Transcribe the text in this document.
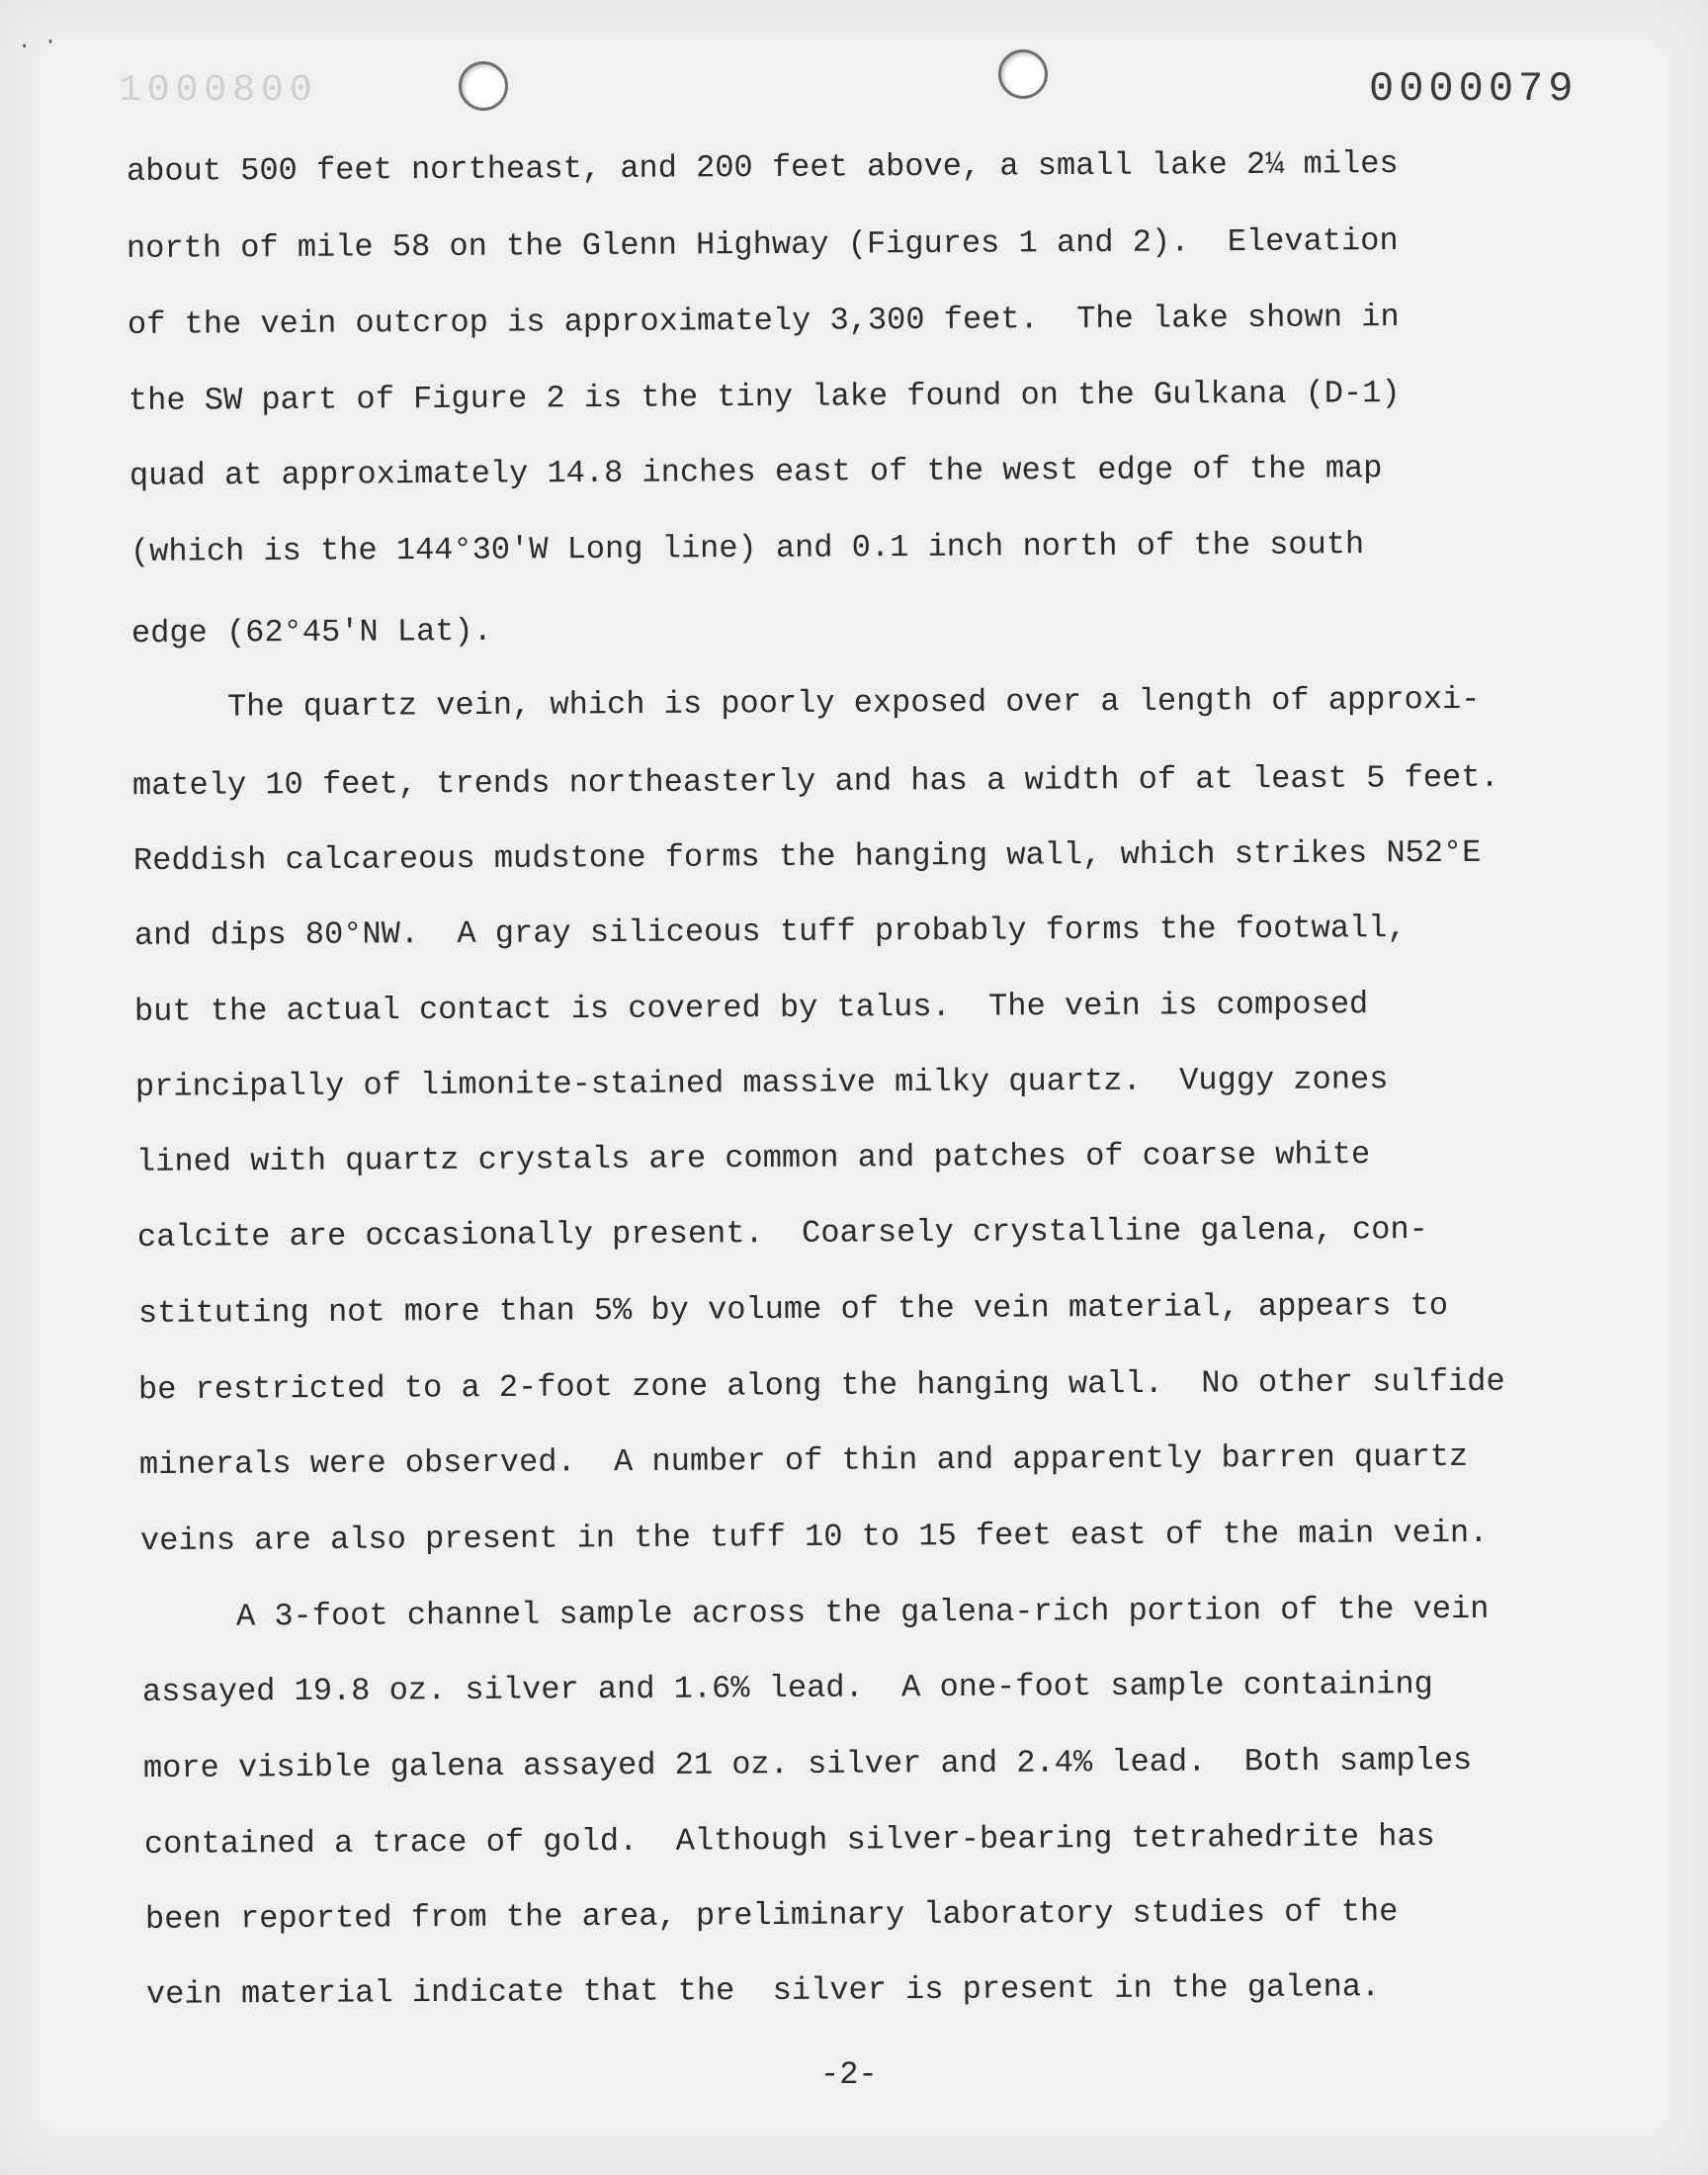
. ·
1000800	0000079
about 500 feet northeast, and 200 feet above, a small lake 2¼ miles
north of mile 58 on the Glenn Highway (Figures 1 and 2).  Elevation
of the vein outcrop is approximately 3,300 feet.  The lake shown in
the SW part of Figure 2 is the tiny lake found on the Gulkana (D-1)
quad at approximately 14.8 inches east of the west edge of the map
(which is the 144°30'W Long line) and 0.1 inch north of the south
edge (62°45'N Lat).
The quartz vein, which is poorly exposed over a length of approxi-
mately 10 feet, trends northeasterly and has a width of at least 5 feet.
Reddish calcareous mudstone forms the hanging wall, which strikes N52°E
and dips 80°NW.  A gray siliceous tuff probably forms the footwall,
but the actual contact is covered by talus.  The vein is composed
principally of limonite-stained massive milky quartz.  Vuggy zones
lined with quartz crystals are common and patches of coarse white
calcite are occasionally present.  Coarsely crystalline galena, con-
stituting not more than 5% by volume of the vein material, appears to
be restricted to a 2-foot zone along the hanging wall.  No other sulfide
minerals were observed.  A number of thin and apparently barren quartz
veins are also present in the tuff 10 to 15 feet east of the main vein.
A 3-foot channel sample across the galena-rich portion of the vein
assayed 19.8 oz. silver and 1.6% lead.  A one-foot sample containing
more visible galena assayed 21 oz. silver and 2.4% lead.  Both samples
contained a trace of gold.  Although silver-bearing tetrahedrite has
been reported from the area, preliminary laboratory studies of the
vein material indicate that the  silver is present in the galena.
-2-
